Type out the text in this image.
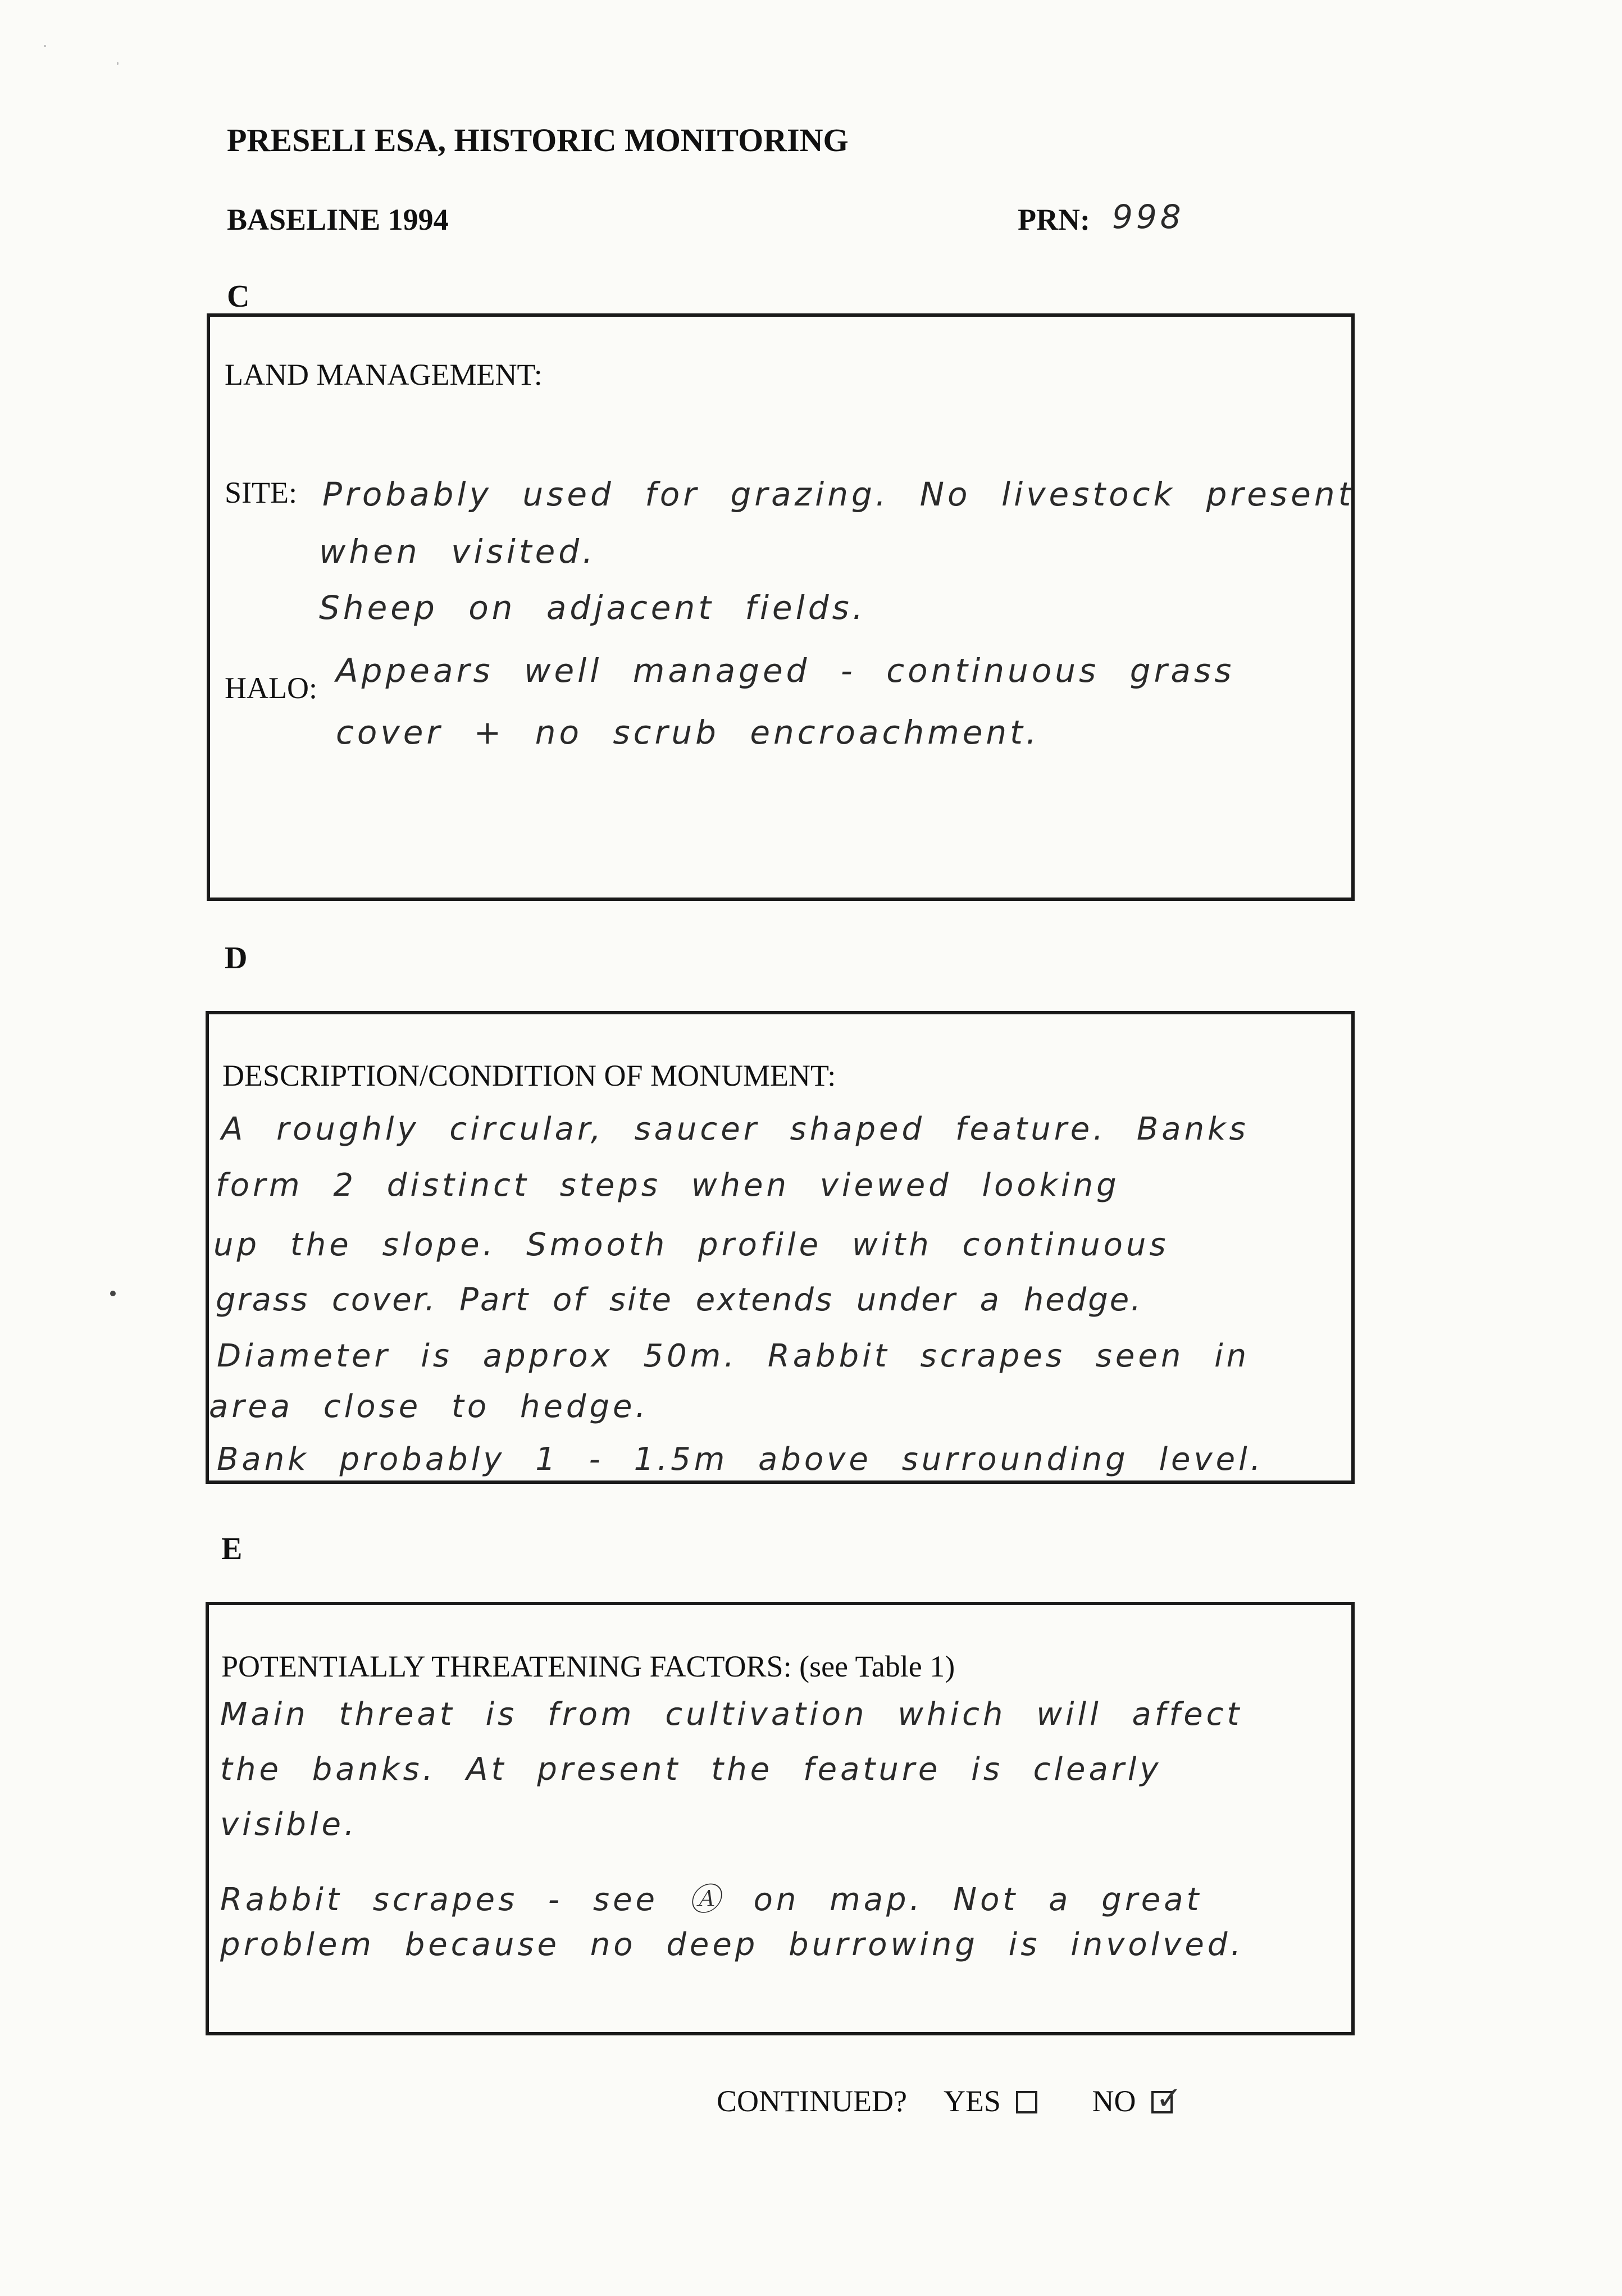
PRESELI ESA, HISTORIC MONITORING
BASELINE 1994	PRN: 998
C
LAND MANAGEMENT:
SITE: Probably used for grazing. No livestock present
when visited.
Sheep on adjacent fields.
HALO: Appears well managed - continuous grass
cover + no scrub encroachment.
D
DESCRIPTION/CONDITION OF MONUMENT:
A roughly circular, saucer shaped feature. Banks
form 2 distinct steps when viewed looking
up the slope. Smooth profile with continuous
grass cover. Part of site extends under a hedge.
Diameter is approx 50m. Rabbit scrapes seen in
area close to hedge.
Bank probably 1 - 1.5m above surrounding level.
E
POTENTIALLY THREATENING FACTORS: (see Table 1)
Main threat is from cultivation which will affect
the banks. At present the feature is clearly
visible.
Rabbit scrapes - see Ⓐ on map. Not a great
problem because no deep burrowing is involved.
CONTINUED? YES	NO ✓
